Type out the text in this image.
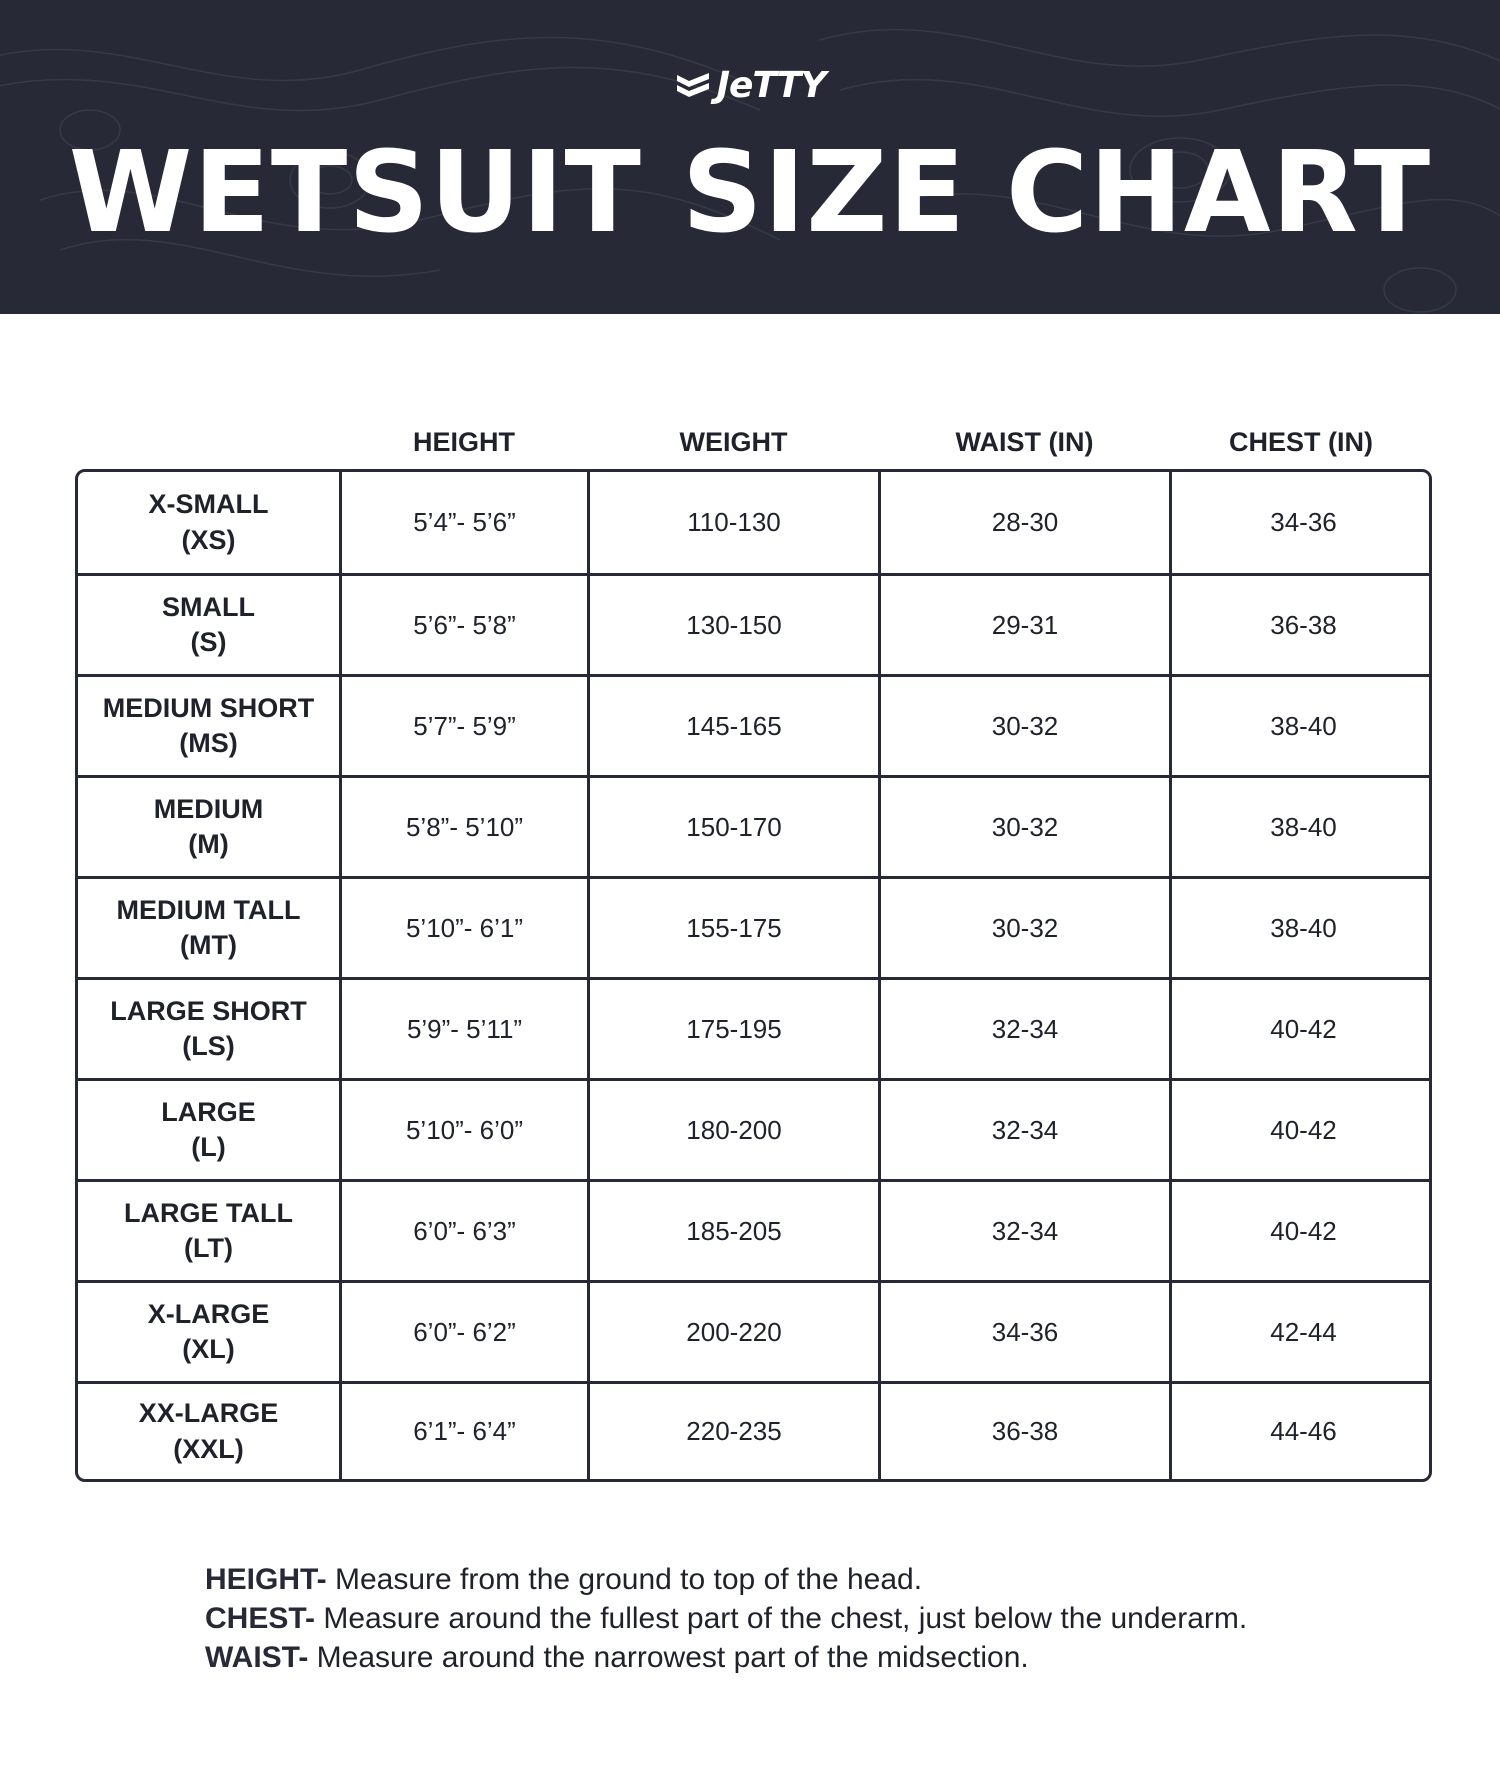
JeTTY
WETSUIT SIZE CHART
HEIGHT	WEIGHT	WAIST (IN)	CHEST (IN)
X-SMALL
(XS)
5’4”- 5’6”	110-130	28-30	34-36
SMALL
(S)
5’6”- 5’8”	130-150	29-31	36-38
MEDIUM SHORT
(MS)
5’7”- 5’9”	145-165	30-32	38-40
MEDIUM
(M)
5’8”- 5’10”	150-170	30-32	38-40
MEDIUM TALL
(MT)
5’10”- 6’1”	155-175	30-32	38-40
LARGE SHORT
(LS)
5’9”- 5’11”	175-195	32-34	40-42
LARGE
(L)
5’10”- 6’0”	180-200	32-34	40-42
LARGE TALL
(LT)
6’0”- 6’3”	185-205	32-34	40-42
X-LARGE
(XL)
6’0”- 6’2”	200-220	34-36	42-44
XX-LARGE
(XXL)
6’1”- 6’4”	220-235	36-38	44-46
HEIGHT- Measure from the ground to top of the head.
CHEST- Measure around the fullest part of the chest, just below the underarm.
WAIST- Measure around the narrowest part of the midsection.
